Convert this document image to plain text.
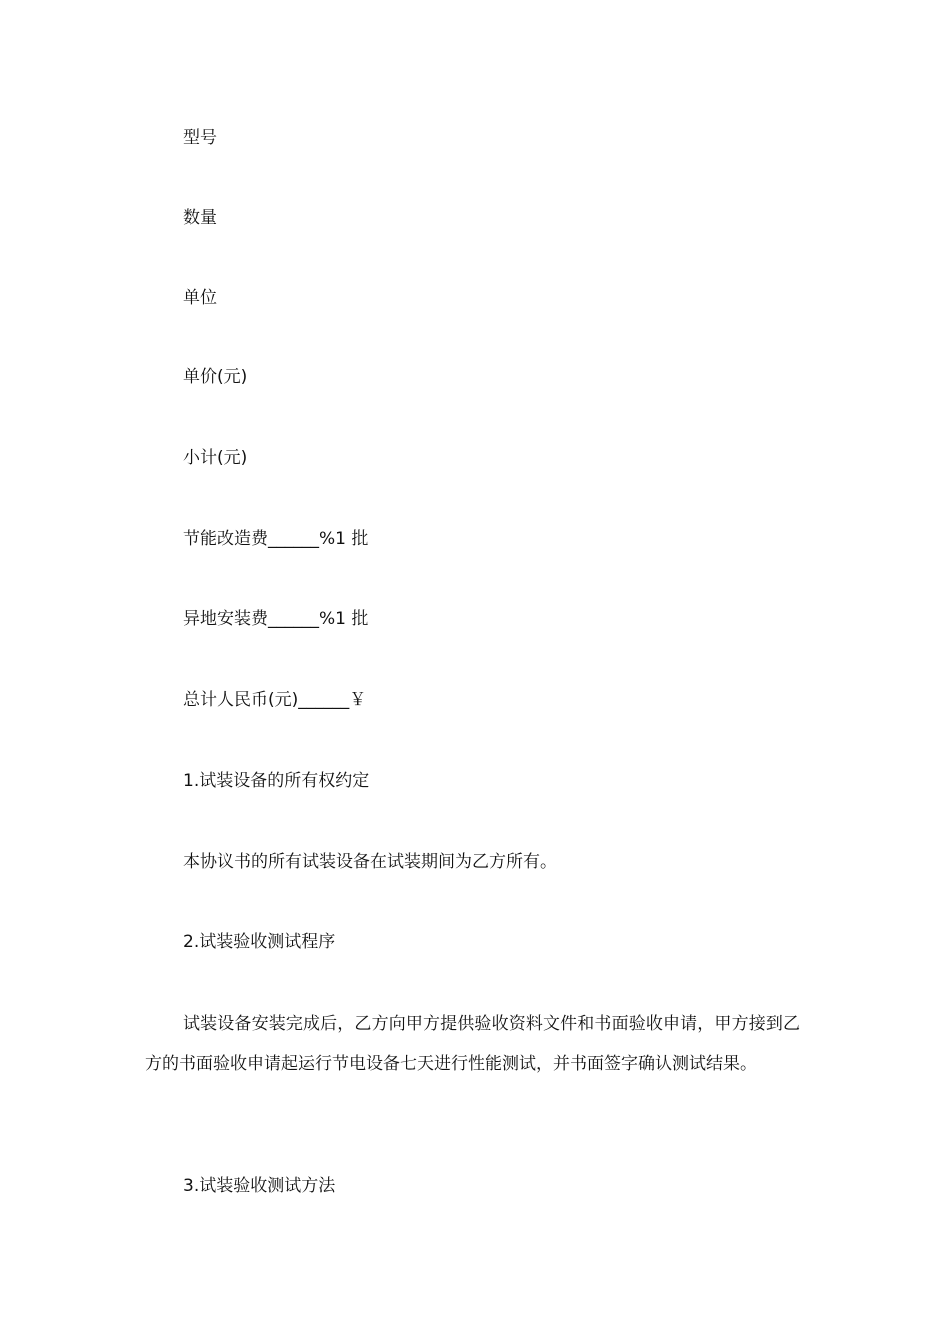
型号
数量
单位
单价(元)
小计(元)
节能改造费______%1 批
异地安装费______%1 批
总计人民币(元)______￥
1.试装设备的所有权约定
本协议书的所有试装设备在试装期间为乙方所有。
2.试装验收测试程序
试装设备安装完成后，乙方向甲方提供验收资料文件和书面验收申请，甲方接到乙方的书面验收申请起运行节电设备七天进行性能测试，并书面签字确认测试结果。
3.试装验收测试方法
